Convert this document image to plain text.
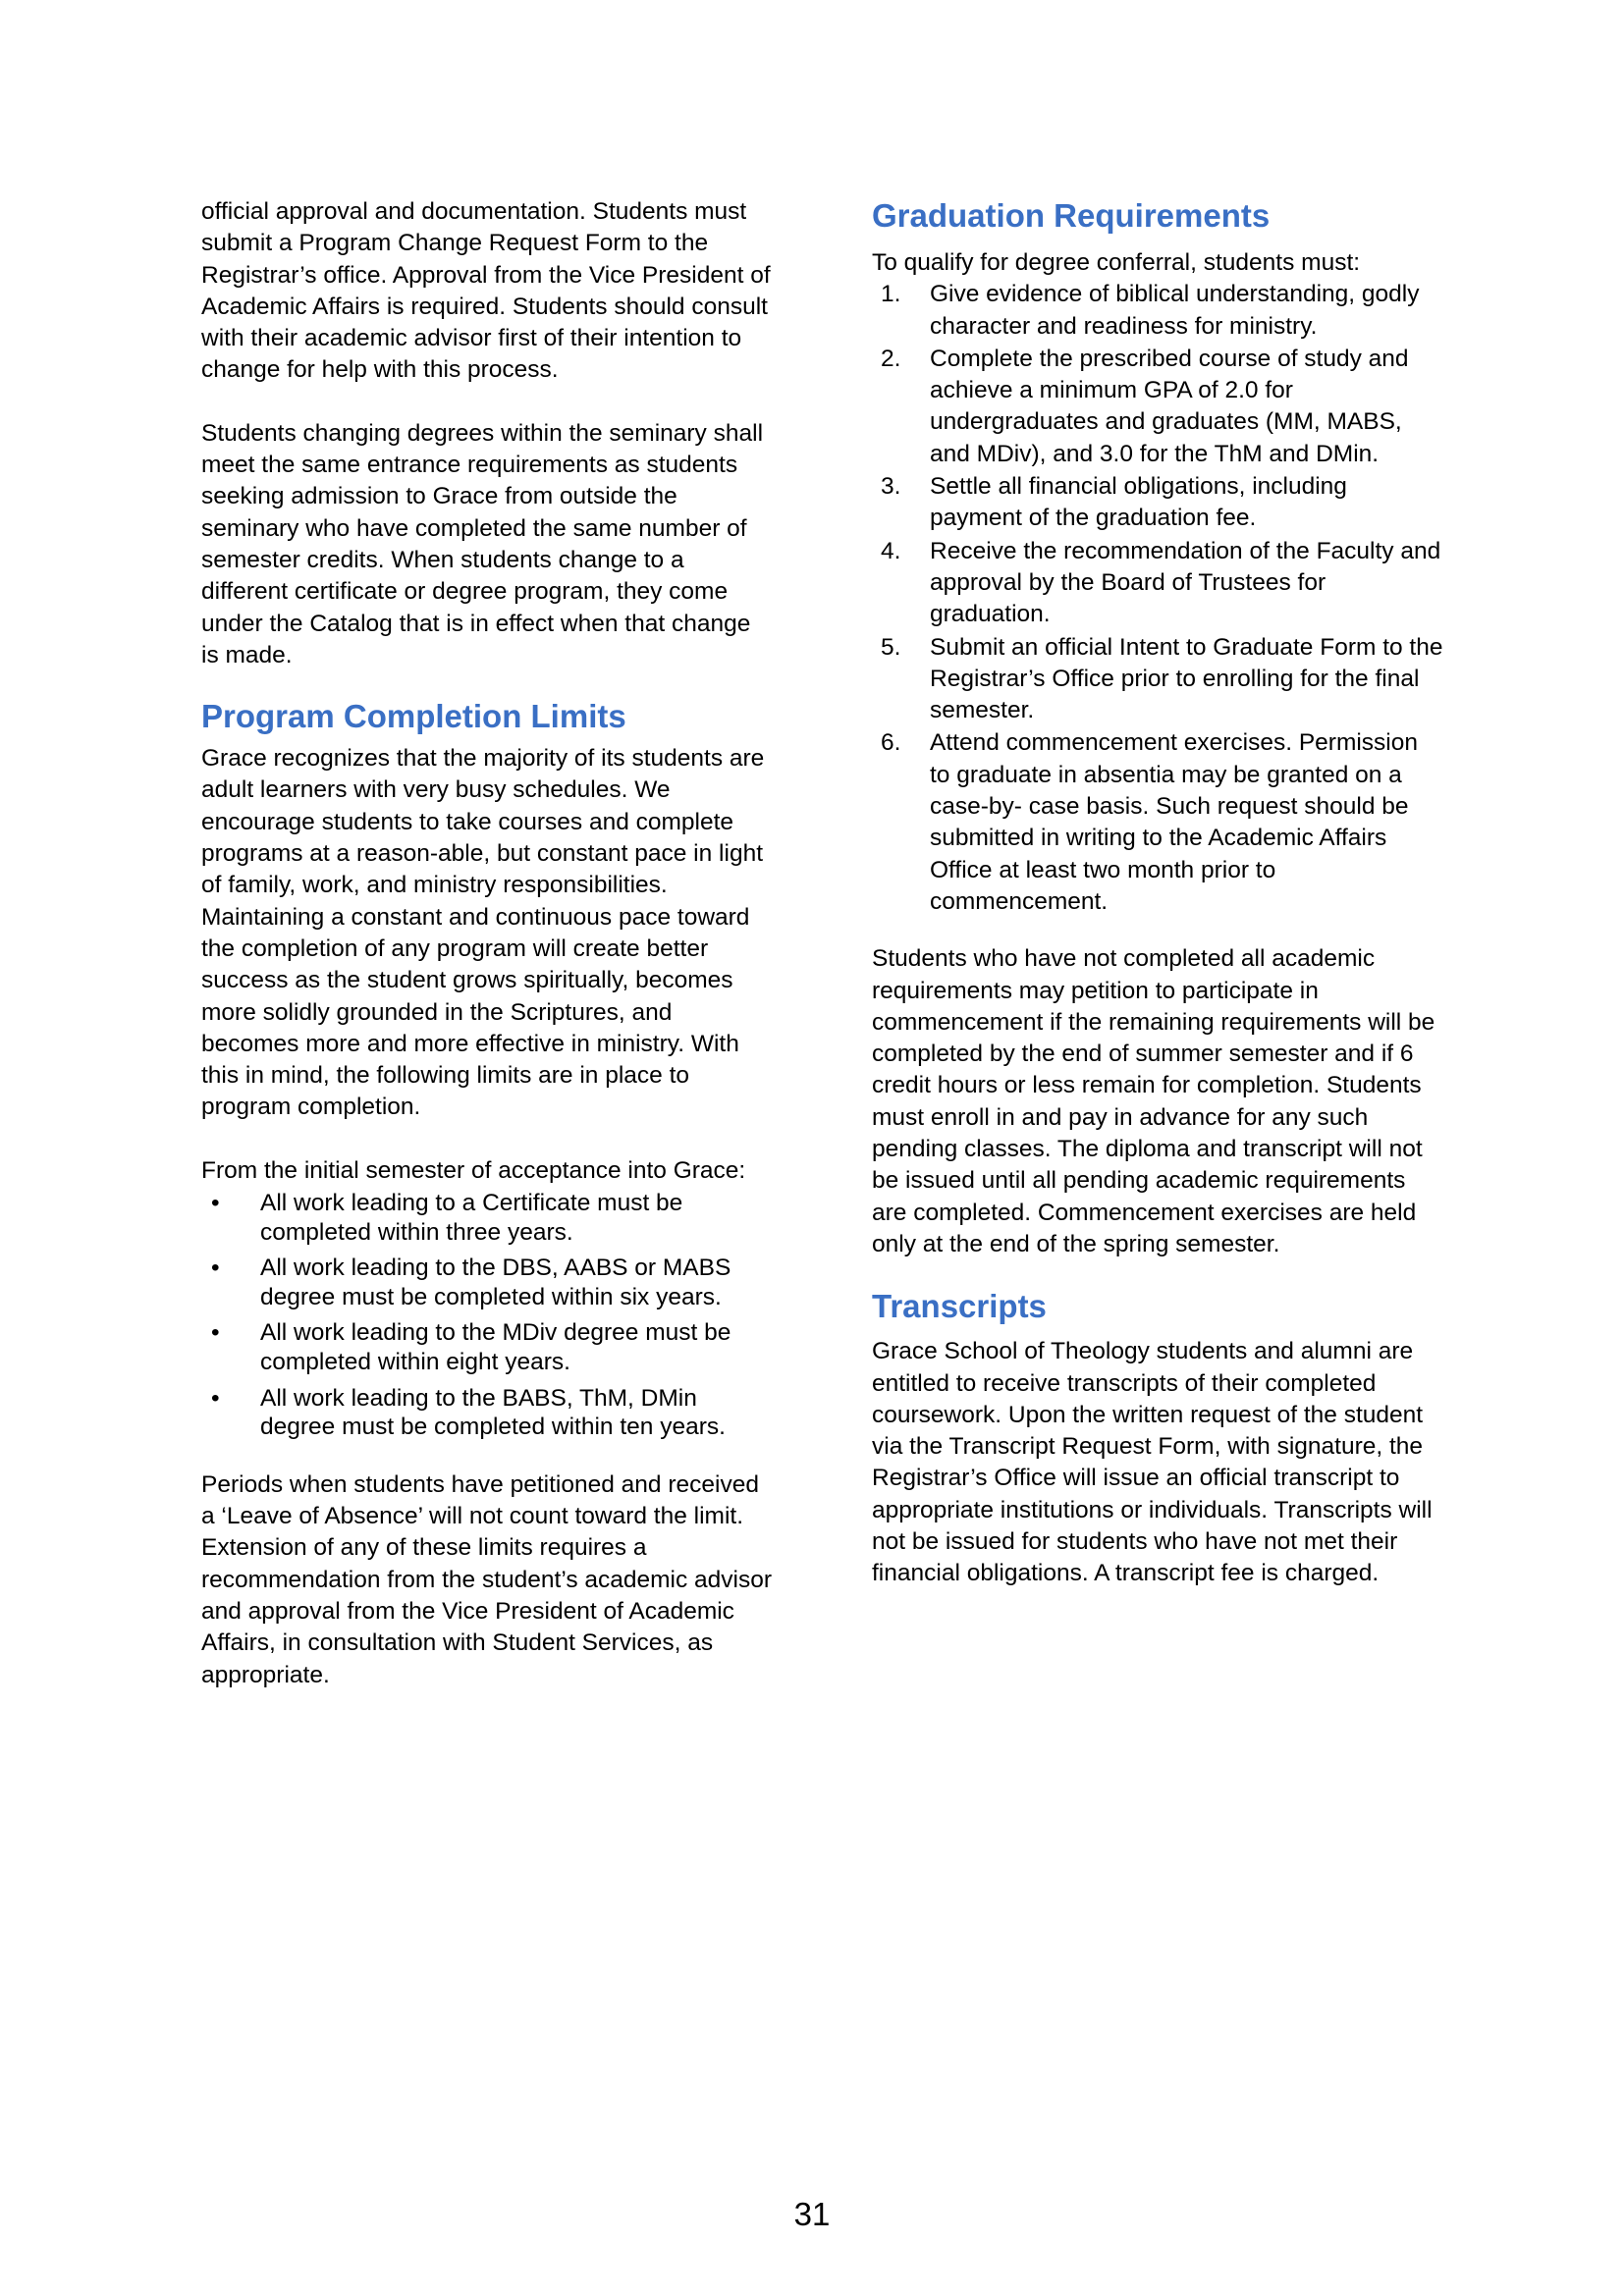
official approval and documentation. Students must submit a Program Change Request Form to the Registrar’s office. Approval from the Vice President of Academic Affairs is required. Students should consult with their academic advisor first of their intention to change for help with this process.

Students changing degrees within the seminary shall meet the same entrance requirements as students seeking admission to Grace from outside the seminary who have completed the same number of semester credits. When students change to a different certificate or degree program, they come under the Catalog that is in effect when that change is made.

Program Completion Limits

Grace recognizes that the majority of its students are adult learners with very busy schedules. We encourage students to take courses and complete programs at a reason-able, but constant pace in light of family, work, and ministry responsibilities. Maintaining a constant and continuous pace toward the completion of any program will create better success as the student grows spiritually, becomes more solidly grounded in the Scriptures, and becomes more and more effective in ministry. With this in mind, the following limits are in place to program completion.

From the initial semester of acceptance into Grace:

• All work leading to a Certificate must be completed within three years.
• All work leading to the DBS, AABS or MABS degree must be completed within six years.
• All work leading to the MDiv degree must be completed within eight years.
• All work leading to the BABS, ThM, DMin degree must be completed within ten years.

Periods when students have petitioned and received a ‘Leave of Absence’ will not count toward the limit. Extension of any of these limits requires a recommendation from the student’s academic advisor and approval from the Vice President of Academic Affairs, in consultation with Student Services, as appropriate.

Graduation Requirements

To qualify for degree conferral, students must:

1. Give evidence of biblical understanding, godly character and readiness for ministry.
2. Complete the prescribed course of study and achieve a minimum GPA of 2.0 for undergraduates and graduates (MM, MABS, and MDiv), and 3.0 for the ThM and DMin.
3. Settle all financial obligations, including payment of the graduation fee.
4. Receive the recommendation of the Faculty and approval by the Board of Trustees for graduation.
5. Submit an official Intent to Graduate Form to the Registrar’s Office prior to enrolling for the final semester.
6. Attend commencement exercises. Permission to graduate in absentia may be granted on a case-by- case basis. Such request should be submitted in writing to the Academic Affairs Office at least two month prior to commencement.

Students who have not completed all academic requirements may petition to participate in commencement if the remaining requirements will be completed by the end of summer semester and if 6 credit hours or less remain for completion. Students must enroll in and pay in advance for any such pending classes. The diploma and transcript will not be issued until all pending academic requirements are completed. Commencement exercises are held only at the end of the spring semester.

Transcripts

Grace School of Theology students and alumni are entitled to receive transcripts of their completed coursework. Upon the written request of the student via the Transcript Request Form, with signature, the Registrar’s Office will issue an official transcript to appropriate institutions or individuals. Transcripts will not be issued for students who have not met their financial obligations. A transcript fee is charged.

31
